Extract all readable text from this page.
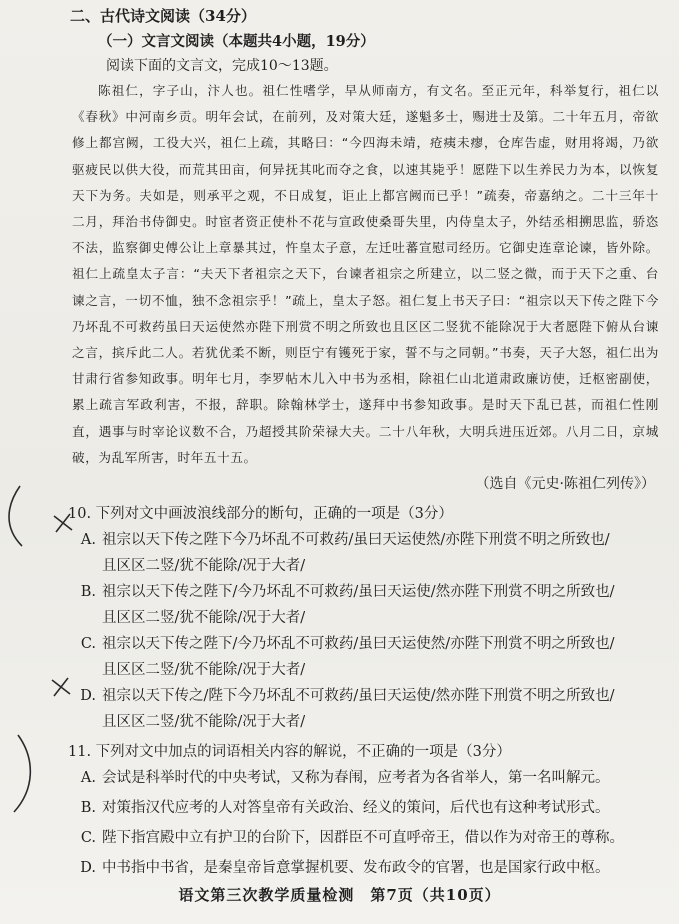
二、古代诗文阅读（34分）
（一）文言文阅读（本题共4小题，19分）
阅读下面的文言文，完成10～13题。

陈祖仁，字子山，汴人也。祖仁性嗜学，早从师南方，有文名。至正元年，科举复行，祖仁以《春秋》中河南乡贡。明年会试，在前列，及对策大廷，遂魁多士，赐进士及第。二十年五月，帝欲修上都宫阙，工役大兴，祖仁上疏，其略曰：“今四海未靖，疮痍未瘳，仓库告虚，财用将竭，乃欲驱疲民以供大役，而荒其田亩，何异抚其叱而夺之食，以速其毙乎！愿陛下以生养民力为本，以恢复天下为务。夫如是，则承平之观，不日成复，讵止上都宫阙而已乎！”疏奏，帝嘉纳之。二十三年十二月，拜治书侍御史。时宦者资正使朴不花与宣政使桑哥失里，内侍皇太子，外结丞相搠思监，骄恣不法，监察御史傅公让上章暴其过，忤皇太子意，左迁吐蕃宣慰司经历。它御史连章论谏，皆外除。祖仁上疏皇太子言：“夫天下者祖宗之天下，台谏者祖宗之所建立，以二竖之微，而于天下之重、台谏之言，一切不恤，独不念祖宗乎！”疏上，皇太子怒。祖仁复上书天子曰：“祖宗以天下传之陛下今乃坏乱不可救药虽曰天运使然亦陛下刑赏不明之所致也且区区二竖犹不能除况于大者愿陛下俯从台谏之言，摈斥此二人。若犹优柔不断，则臣宁有镬死于家，誓不与之同朝。”书奏，天子大怒，祖仁出为甘肃行省参知政事。明年七月，李罗帖木儿入中书为丞相，除祖仁山北道肃政廉访使，迁枢密副使，累上疏言军政利害，不报，辞职。除翰林学士，遂拜中书参知政事。是时天下乱已甚，而祖仁性刚直，遇事与时宰论议数不合，乃超授其阶荣禄大夫。二十八年秋，大明兵进压近郊。八月二日，京城破，为乱军所害，时年五十五。

（选自《元史·陈祖仁列传》）
10. 下列对文中画波浪线部分的断句，正确的一项是（3分）
A. 祖宗以天下传之陛下今乃坏乱不可救药/虽曰天运使然/亦陛下刑赏不明之所致也/
且区区二竖/犹不能除/况于大者/
B. 祖宗以天下传之陛下/今乃坏乱不可救药/虽曰天运使/然亦陛下刑赏不明之所致也/
且区区二竖/犹不能除/况于大者/
C. 祖宗以天下传之陛下/今乃坏乱不可救药/虽曰天运使然/亦陛下刑赏不明之所致也/
且区区二竖/犹不能除/况于大者/
D. 祖宗以天下传之/陛下今乃坏乱不可救药/虽曰天运使/然亦陛下刑赏不明之所致也/
且区区二竖/犹不能除/况于大者/
11. 下列对文中加点的词语相关内容的解说，不正确的一项是（3分）
A. 会试是科举时代的中央考试，又称为春闱，应考者为各省举人，第一名叫解元。
B. 对策指汉代应考的人对答皇帝有关政治、经义的策问，后代也有这种考试形式。
C. 陛下指宫殿中立有护卫的台阶下，因群臣不可直呼帝王，借以作为对帝王的尊称。
D. 中书指中书省，是秦皇帝旨意掌握机要、发布政令的官署，也是国家行政中枢。
语文第三次教学质量检测　第7页（共10页）
